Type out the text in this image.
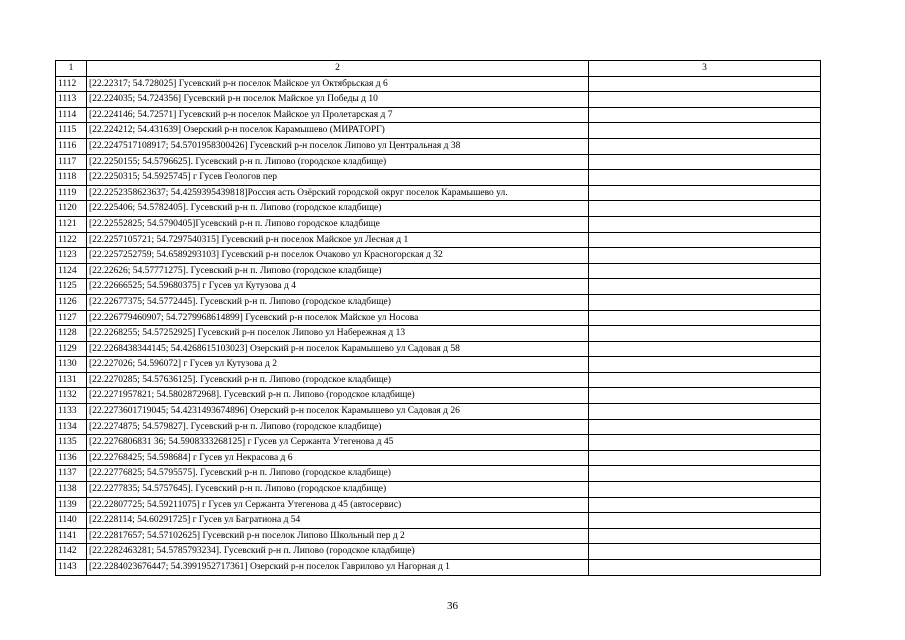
1	2	3
1112	[22.22317; 54.728025] Гусевский р-н поселок Майское ул Октябрьская д 6	
1113	[22.224035; 54.724356] Гусевский р-н поселок Майское ул Победы д 10	
1114	[22.224146; 54.72571] Гусевский р-н поселок Майское ул Пролетарская д 7	
1115	[22.224212; 54.431639] Озерский р-н поселок Карамышево (МИРАТОРГ)	
1116	[22.2247517108917; 54.5701958300426] Гусевский р-н поселок Липово ул Центральная д 38	
1117	[22.2250155; 54.5796625]. Гусевский р-н п. Липово (городское кладбище)	
1118	[22.2250315; 54.5925745] г Гусев Геологов пер	
1119	[22.2252358623637; 54.4259395439818]Россия асть Озёрский городской округ поселок Карамышево ул.	
1120	[22.225406; 54.5782405]. Гусевский р-н п. Липово (городское кладбище)	
1121	[22.22552825; 54.5790405]Гусевский р-н п. Липово городское кладбище	
1122	[22.2257105721; 54.7297540315] Гусевский р-н поселок Майское ул Лесная д 1	
1123	[22.2257252759; 54.6589293103] Гусевский р-н поселок Очаково ул Красногорская д 32	
1124	[22.22626; 54.57771275]. Гусевский р-н п. Липово (городское кладбище)	
1125	[22.22666525; 54.59680375] г Гусев ул Кутузова д 4	
1126	[22.22677375; 54.5772445]. Гусевский р-н п. Липово (городское кладбище)	
1127	[22.226779460907; 54.7279968614899] Гусевский р-н поселок Майское ул Носова	
1128	[22.2268255; 54.57252925] Гусевский р-н поселок Липово ул Набережная д 13	
1129	[22.2268438344145; 54.4268615103023] Озерский р-н поселок Карамышево ул Садовая д 58	
1130	[22.227026; 54.596072] г Гусев ул Кутузова д 2	
1131	[22.2270285; 54.57636125]. Гусевский р-н п. Липово (городское кладбище)	
1132	[22.2271957821; 54.5802872968]. Гусевский р-н п. Липово (городское кладбище)	
1133	[22.2273601719045; 54.4231493674896] Озерский р-н поселок Карамышево ул Садовая д 26	
1134	[22.2274875; 54.579827]. Гусевский р-н п. Липово (городское кладбище)	
1135	[22.2276806831 36; 54.5908333268125] г Гусев ул Сержанта Утегенова д 45	
1136	[22.22768425; 54.598684] г Гусев ул Некрасова д 6	
1137	[22.22776825; 54.5795575]. Гусевский р-н п. Липово (городское кладбище)	
1138	[22.2277835; 54.5757645]. Гусевский р-н п. Липово (городское кладбище)	
1139	[22.22807725; 54.59211075] г Гусев ул Сержанта Утегенова д 45 (автосервис)	
1140	[22.228114; 54.60291725] г Гусев ул Багратиона д 54	
1141	[22.22817657; 54.57102625] Гусевский р-н поселок Липово Школьный пер д 2	
1142	[22.2282463281; 54.5785793234]. Гусевский р-н п. Липово (городское кладбище)	
1143	[22.2284023676447; 54.3991952717361] Озерский р-н поселок Гаврилово ул Нагорная д 1	
36
